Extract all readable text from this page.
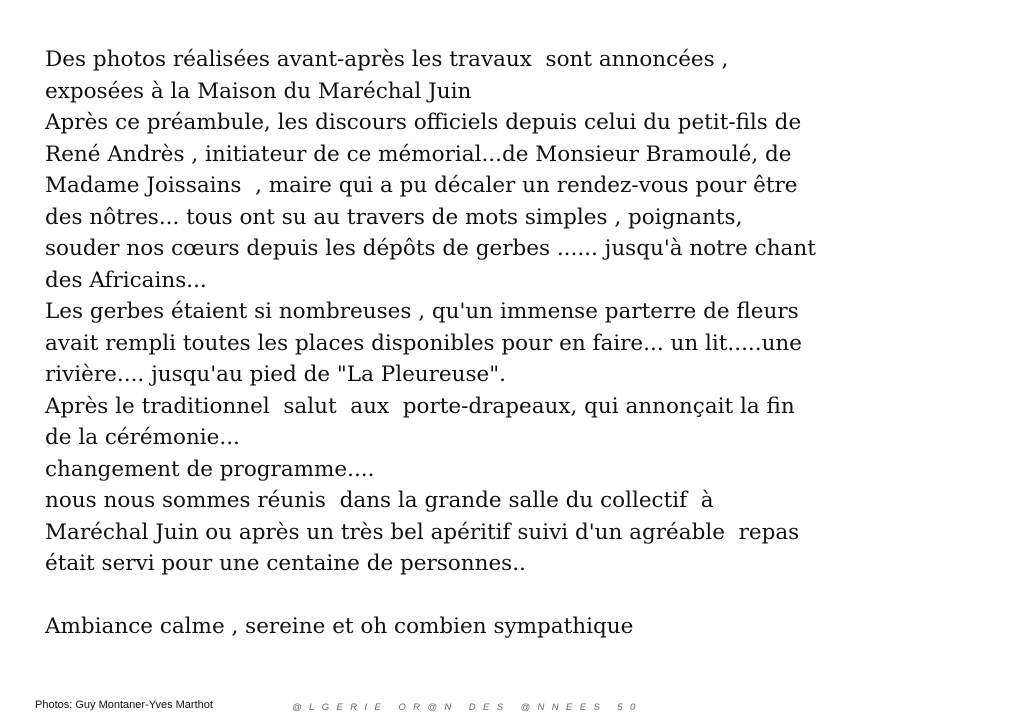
Des photos réalisées avant-après les travaux  sont annoncées ,
exposées à la Maison du Maréchal Juin
Après ce préambule, les discours officiels depuis celui du petit-fils de
René Andrès , initiateur de ce mémorial...de Monsieur Bramoulé, de
Madame Joissains  , maire qui a pu décaler un rendez-vous pour être
des nôtres... tous ont su au travers de mots simples , poignants,
souder nos cœurs depuis les dépôts de gerbes ...... jusqu'à notre chant
des Africains...
Les gerbes étaient si nombreuses , qu'un immense parterre de fleurs
avait rempli toutes les places disponibles pour en faire... un lit.....une
rivière.... jusqu'au pied de "La Pleureuse".
Après le traditionnel  salut  aux  porte-drapeaux, qui annonçait la fin
de la cérémonie...
changement de programme....
nous nous sommes réunis  dans la grande salle du collectif  à
Maréchal Juin ou après un très bel apéritif suivi d'un agréable  repas
était servi pour une centaine de personnes..
Ambiance calme , sereine et oh combien sympathique
Photos: Guy Montaner-Yves Marthot	@LGERIE OR@N DES @NNEES 50
